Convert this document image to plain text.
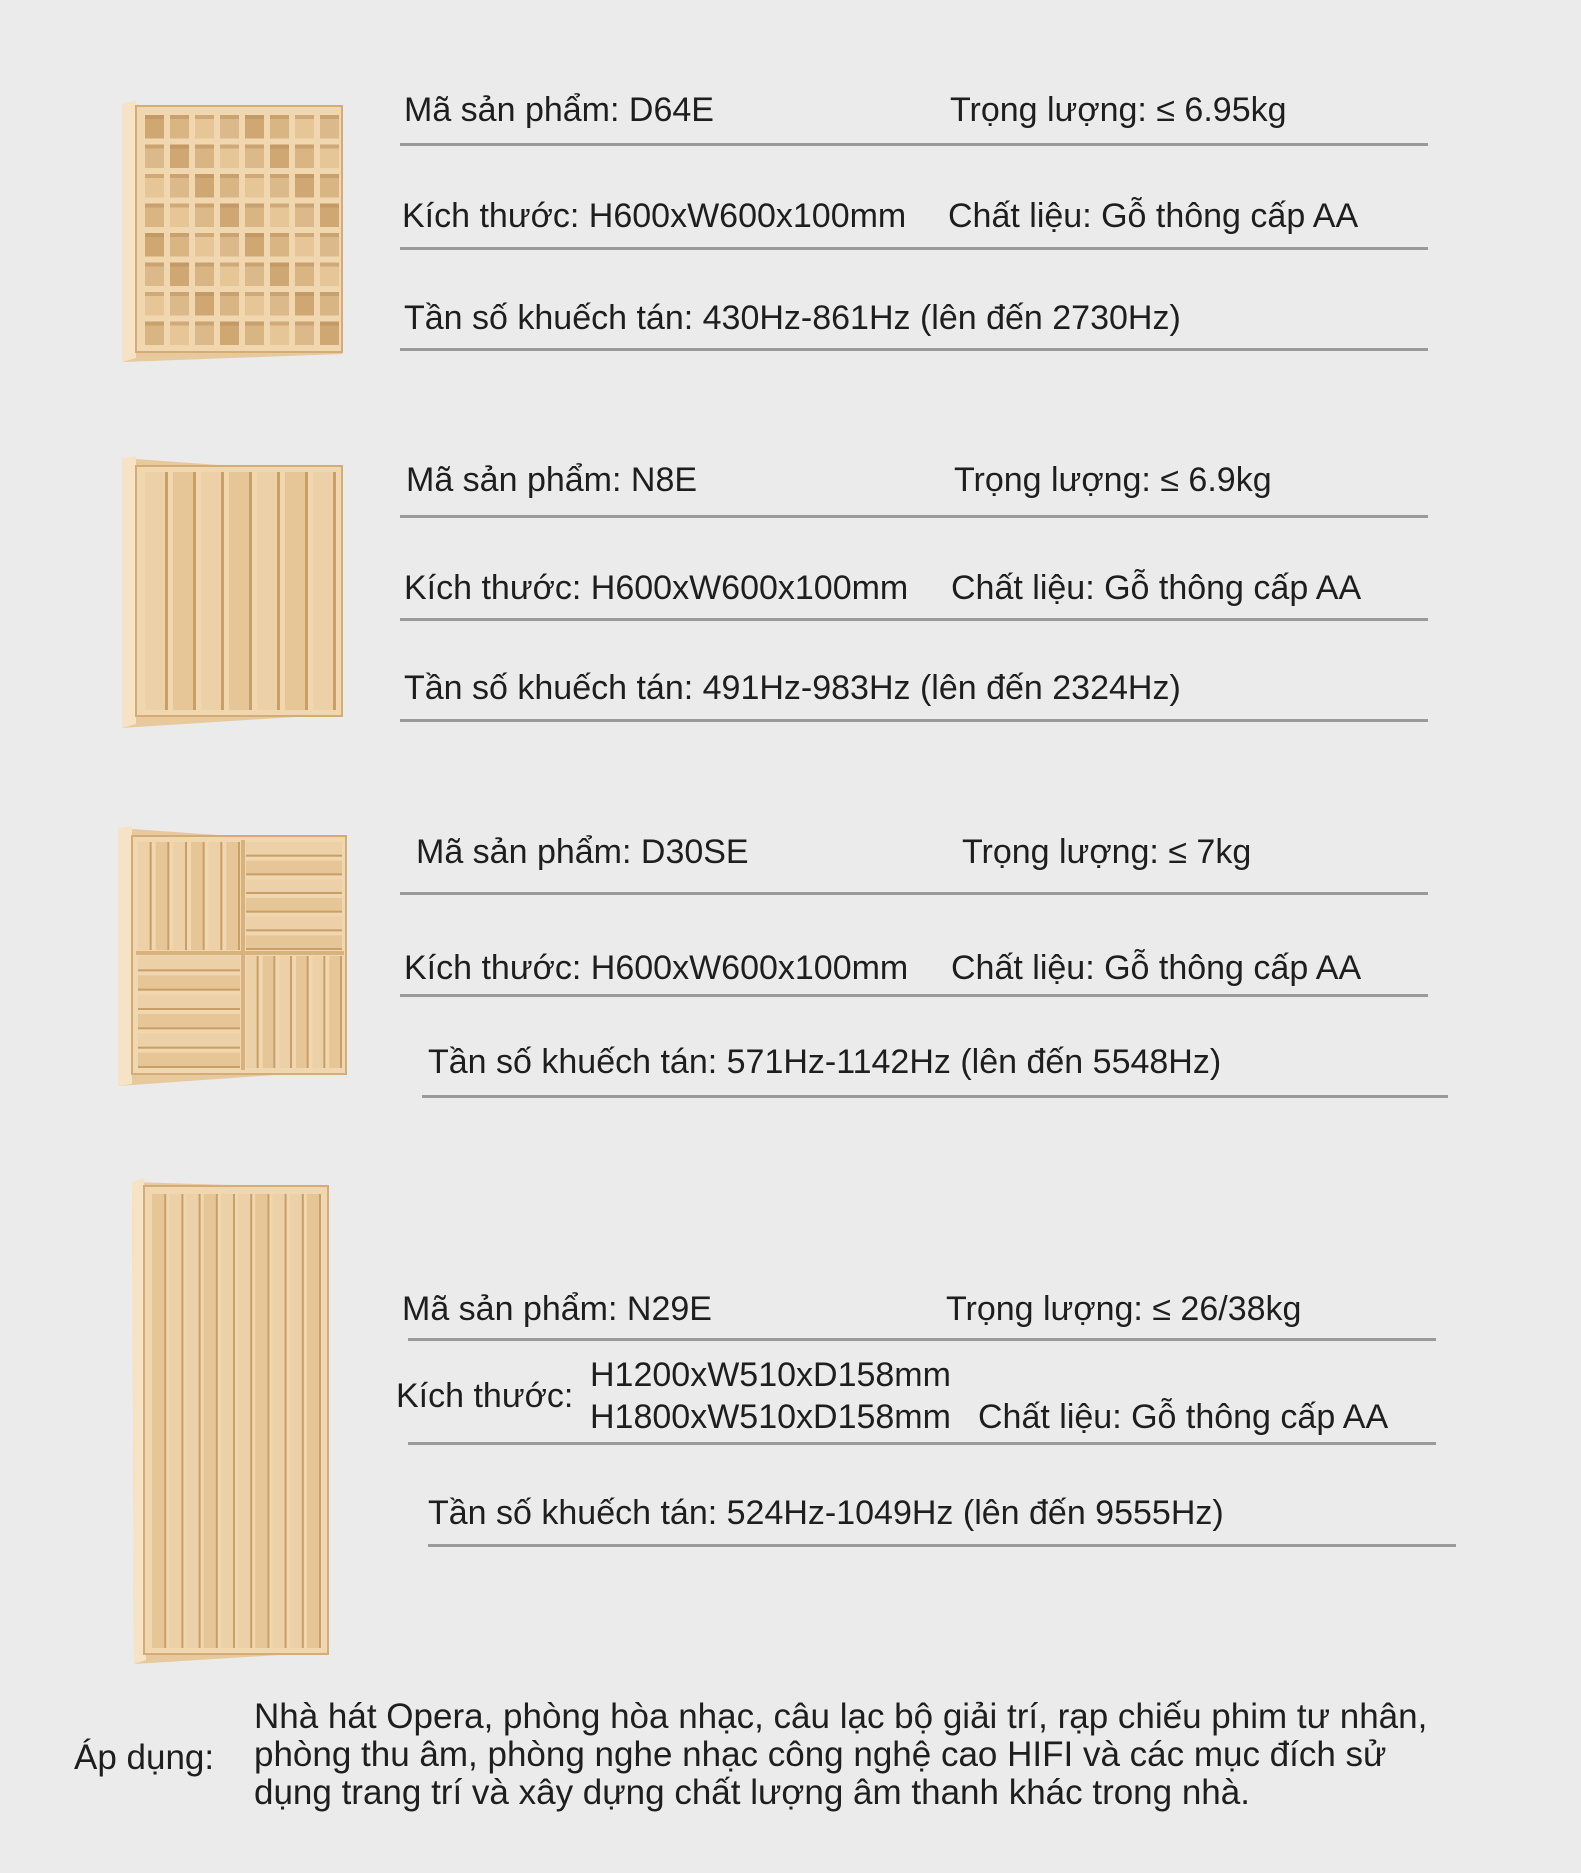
Mã sản phẩm: D64E	Trọng lượng: ≤ 6.95kg
Kích thước: H600xW600x100mm Chất liệu: Gỗ thông cấp AA
Tần số khuếch tán: 430Hz-861Hz (lên đến 2730Hz)
Mã sản phẩm: N8E	Trọng lượng: ≤ 6.9kg
Kích thước: H600xW600x100mm Chất liệu: Gỗ thông cấp AA
Tần số khuếch tán: 491Hz-983Hz (lên đến 2324Hz)
Mã sản phẩm: D30SE	Trọng lượng: ≤ 7kg
Kích thước: H600xW600x100mm Chất liệu: Gỗ thông cấp AA
Tần số khuếch tán: 571Hz-1142Hz (lên đến 5548Hz)
Mã sản phẩm: N29E	Trọng lượng: ≤ 26/38kg
Kích thước:
H1200xW510xD158mm
H1800xW510xD158mm Chất liệu: Gỗ thông cấp AA
Tần số khuếch tán: 524Hz-1049Hz (lên đến 9555Hz)
Áp dụng:
Nhà hát Opera, phòng hòa nhạc, câu lạc bộ giải trí, rạp chiếu phim tư nhân,
phòng thu âm, phòng nghe nhạc công nghệ cao HIFI và các mục đích sử
dụng trang trí và xây dựng chất lượng âm thanh khác trong nhà.
